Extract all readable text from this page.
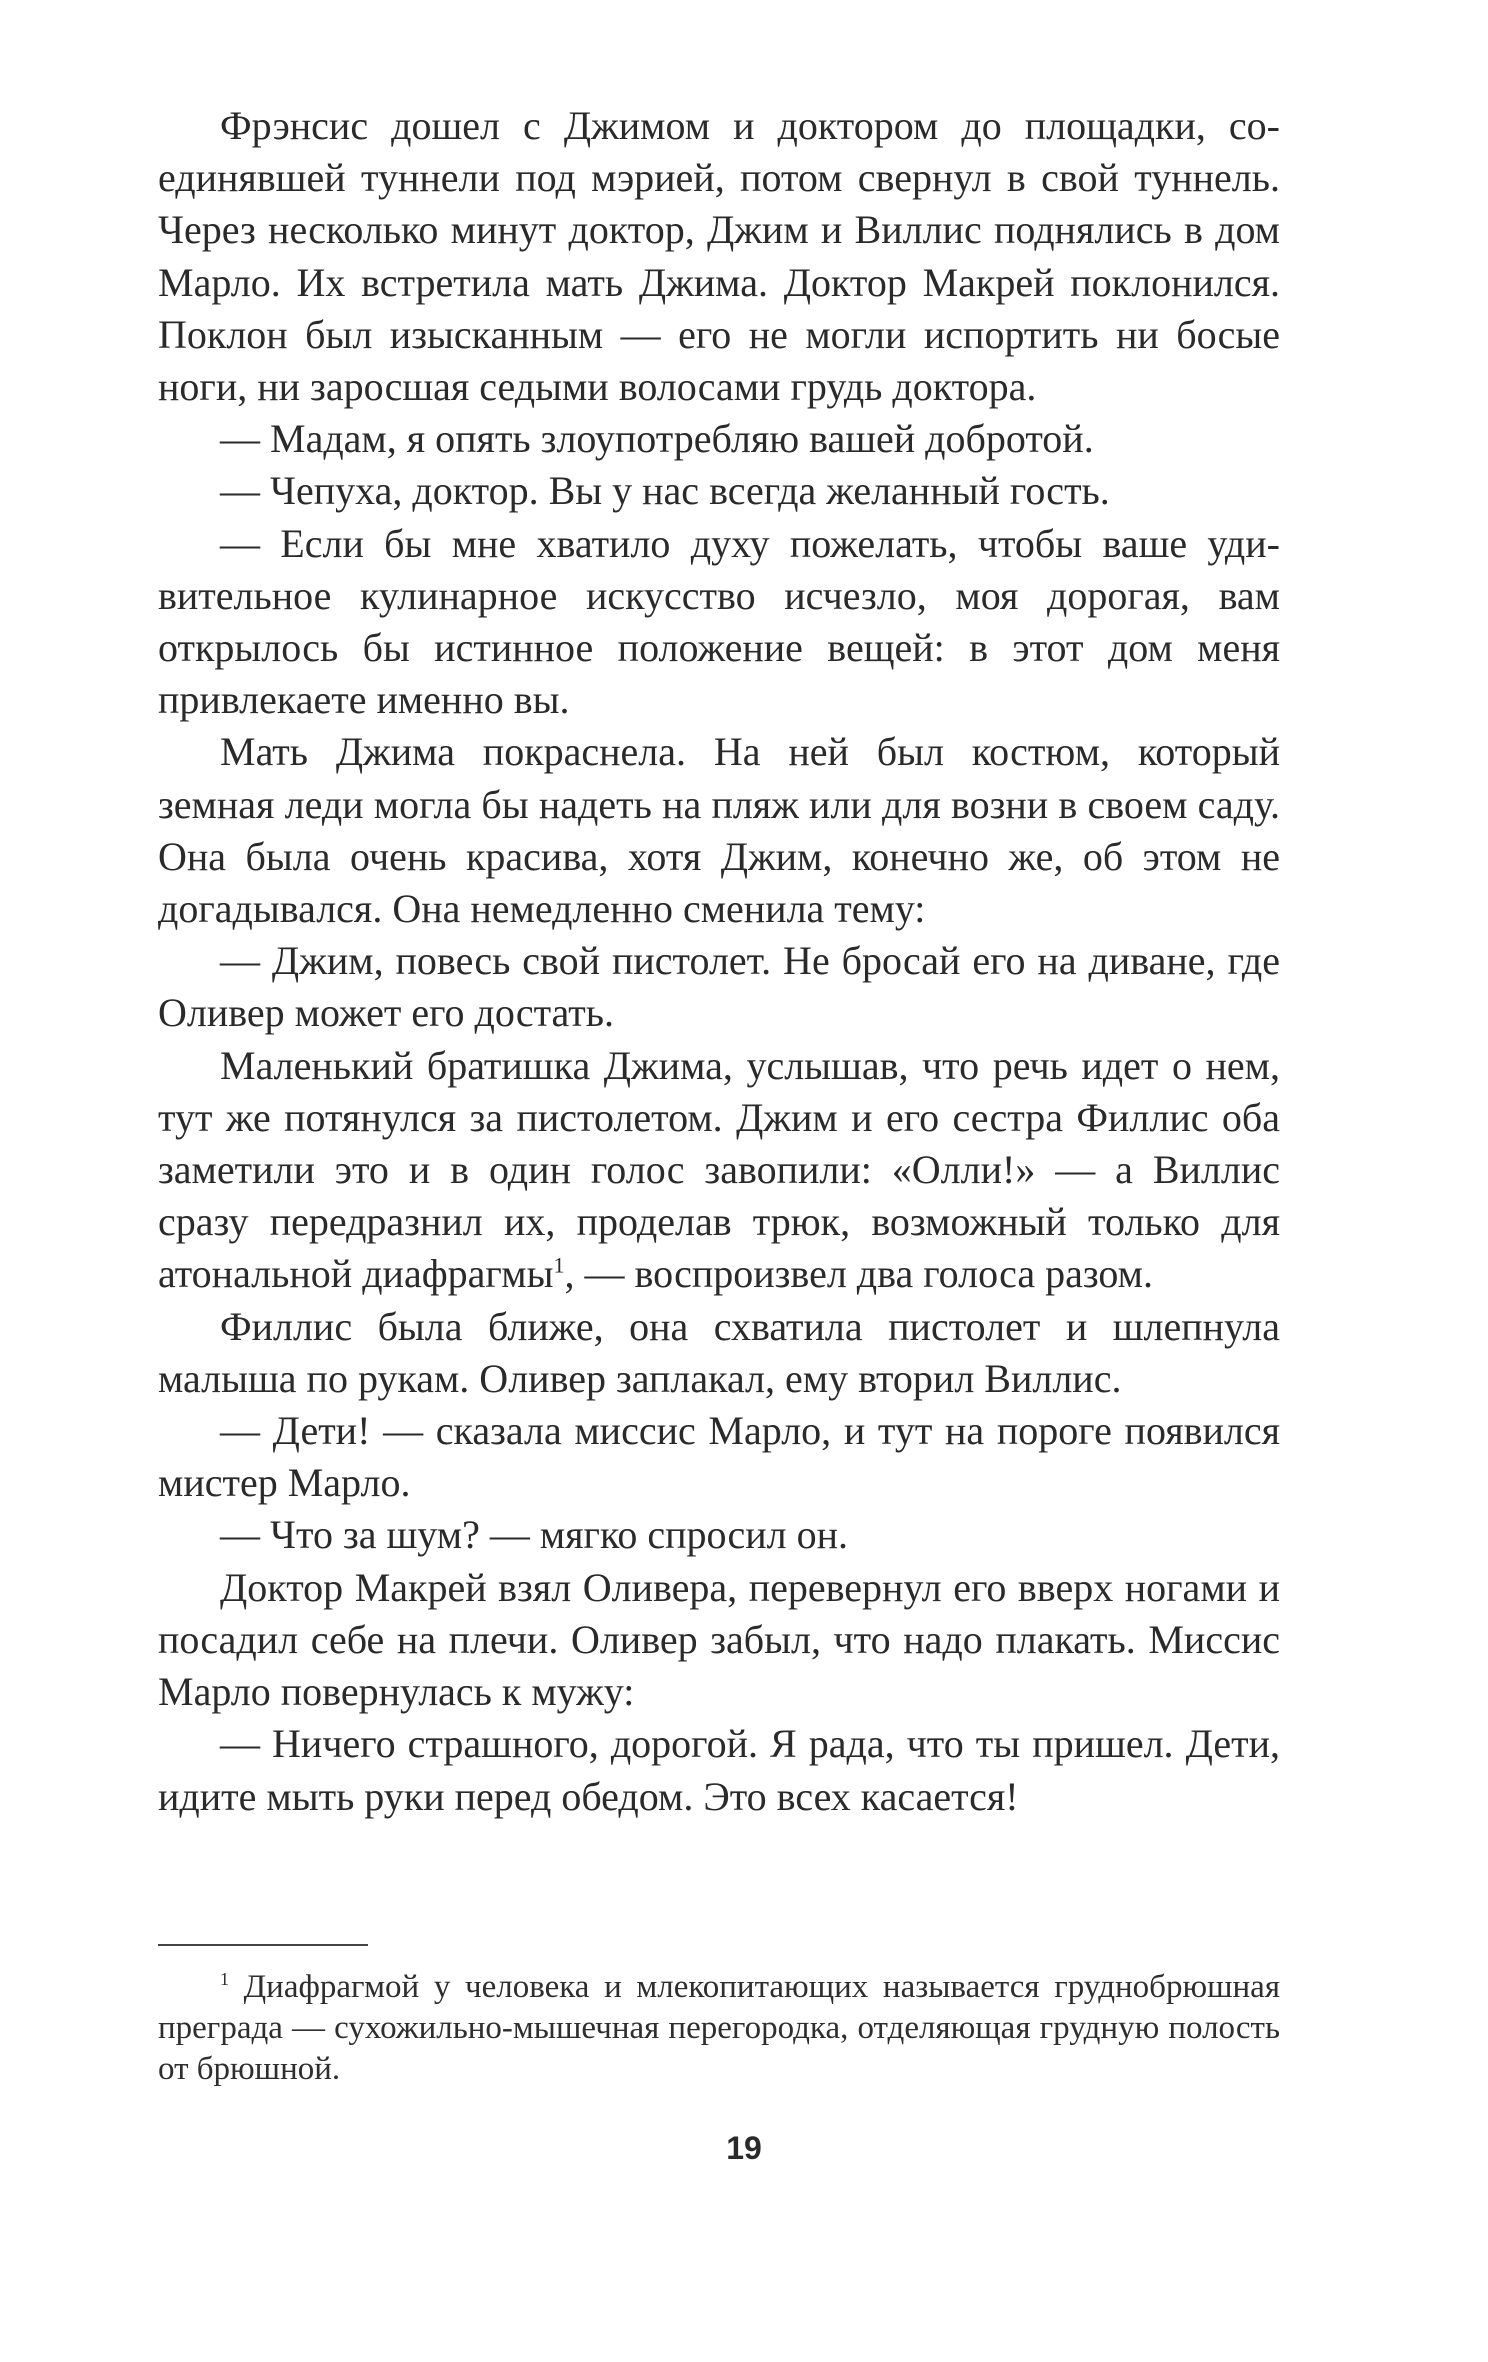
Фрэнсис дошел с Джимом и доктором до площадки, соединявшей туннели под мэрией, потом свернул в свой туннель. Через несколько минут доктор, Джим и Виллис поднялись в дом Марло. Их встретила мать Джима. Доктор Макрей поклонился. Поклон был изысканным — его не могли испортить ни босые ноги, ни заросшая седыми волосами грудь доктора.

— Мадам, я опять злоупотребляю вашей добротой.

— Чепуха, доктор. Вы у нас всегда желанный гость.

— Если бы мне хватило духу пожелать, чтобы ваше удивительное кулинарное искусство исчезло, моя дорогая, вам открылось бы истинное положение вещей: в этот дом меня привлекаете именно вы.

Мать Джима покраснела. На ней был костюм, который земная леди могла бы надеть на пляж или для возни в своем саду. Она была очень красива, хотя Джим, конечно же, об этом не догадывался. Она немедленно сменила тему:

— Джим, повесь свой пистолет. Не бросай его на диване, где Оливер может его достать.

Маленький братишка Джима, услышав, что речь идет о нем, тут же потянулся за пистолетом. Джим и его сестра Филлис оба заметили это и в один голос завопили: «Олли!» — а Виллис сразу передразнил их, проделав трюк, возможный только для атональной диафрагмы$^1$, — воспроизвел два голоса разом.

Филлис была ближе, она схватила пистолет и шлепнула малыша по рукам. Оливер заплакал, ему вторил Виллис.

— Дети! — сказала миссис Марло, и тут на пороге появился мистер Марло.

— Что за шум? — мягко спросил он.

Доктор Макрей взял Оливера, перевернул его вверх ногами и посадил себе на плечи. Оливер забыл, что надо плакать. Миссис Марло повернулась к мужу:

— Ничего страшного, дорогой. Я рада, что ты пришел. Дети, идите мыть руки перед обедом. Это всех касается!

$^1$ Диафрагмой у человека и млекопитающих называется груднобрюшная преграда — сухожильно-мышечная перегородка, отделяющая грудную полость от брюшной.

19
